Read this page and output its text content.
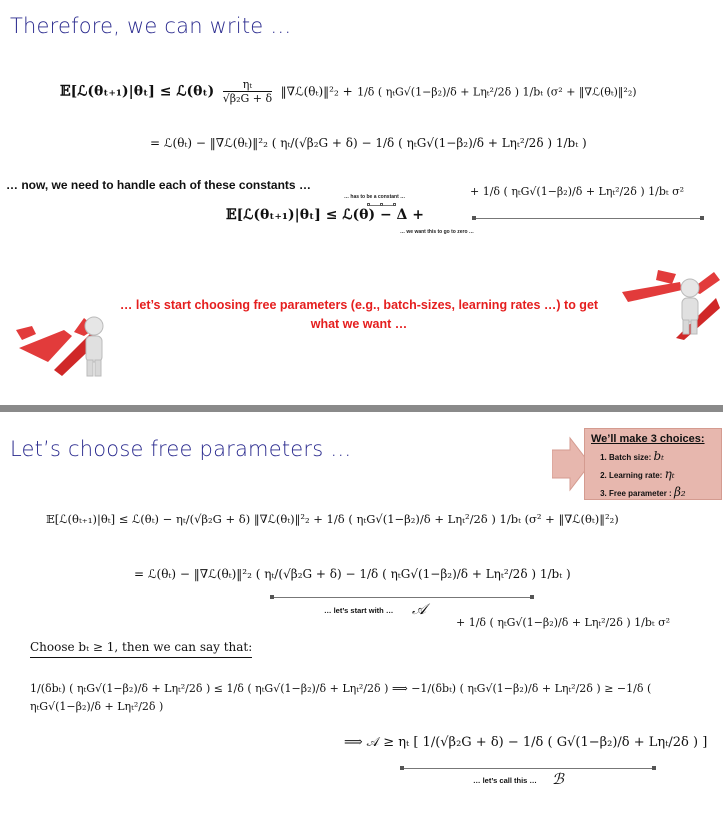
Therefore, we can write …
𝔼[ℒ(θₜ₊₁)|θₜ] ≤ ℒ(θₜ) $\frac{\text{ηₜ}}{\text{√β₂G + δ}}$ ‖∇ℒ(θₜ)‖²₂ + 1/δ ( ηₜG√(1−β₂)/δ + Lηₜ²/2δ ) 1/bₜ (σ² + ‖∇ℒ(θₜ)‖²₂)
= ℒ(θₜ) − ‖∇ℒ(θₜ)‖²₂ ( ηₜ/(√β₂G + δ) − 1/δ ( ηₜG√(1−β₂)/δ + Lηₜ²/2δ ) 1/bₜ )
… now, we need to handle each of these constants …	+ 1/δ ( ηₜG√(1−β₂)/δ + Lηₜ²/2δ ) 1/bₜ σ²
… has to be a constant …
𝔼[ℒ(θₜ₊₁)|θₜ] ≤ ℒ(θ) − Δ +
… we want this to go to zero …
… let’s start choosing free parameters (e.g., batch-sizes, learning rates …) to get what we want …
Let’s choose free parameters …	We’ll make 3 choices:
1. Batch size: bₜ
2. Learning rate: ηₜ
3. Free parameter : β₂
𝔼[ℒ(θₜ₊₁)|θₜ] ≤ ℒ(θₜ) − ηₜ/(√β₂G + δ) ‖∇ℒ(θₜ)‖²₂ + 1/δ ( ηₜG√(1−β₂)/δ + Lηₜ²/2δ ) 1/bₜ (σ² + ‖∇ℒ(θₜ)‖²₂)
= ℒ(θₜ) − ‖∇ℒ(θₜ)‖²₂ ( ηₜ/(√β₂G + δ) − 1/δ ( ηₜG√(1−β₂)/δ + Lηₜ²/2δ ) 1/bₜ )
… let’s start with … 𝒜
+ 1/δ ( ηₜG√(1−β₂)/δ + Lηₜ²/2δ ) 1/bₜ σ²
Choose bₜ ≥ 1, then we can say that:
1/(δbₜ) ( ηₜG√(1−β₂)/δ + Lηₜ²/2δ ) ≤ 1/δ ( ηₜG√(1−β₂)/δ + Lηₜ²/2δ ) ⟹ −1/(δbₜ) ( ηₜG√(1−β₂)/δ + Lηₜ²/2δ ) ≥ −1/δ ( ηₜG√(1−β₂)/δ + Lηₜ²/2δ )
⟹ 𝒜 ≥ ηₜ [ 1/(√β₂G + δ) − 1/δ ( G√(1−β₂)/δ + Lηₜ/2δ ) ]
… let’s call this … ℬ
